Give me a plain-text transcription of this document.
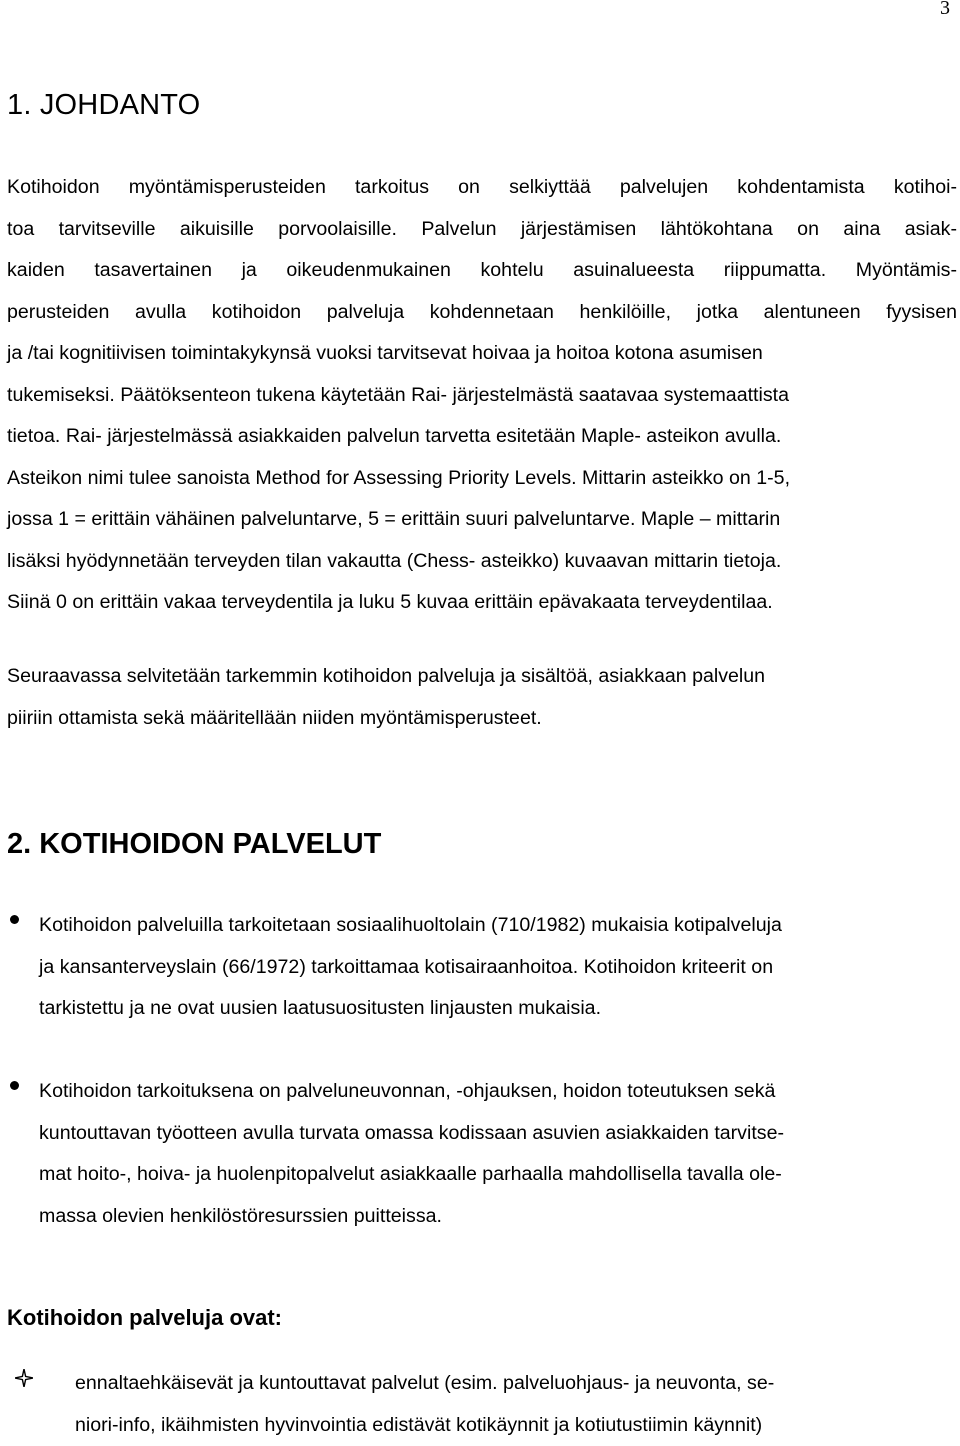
3
1. JOHDANTO

Kotihoidon myöntämisperusteiden tarkoitus on selkiyttää palvelujen kohdentamista kotihoi-
toa tarvitseville aikuisille porvoolaisille. Palvelun järjestämisen lähtökohtana on aina asiak-
kaiden tasavertainen ja oikeudenmukainen kohtelu asuinalueesta riippumatta. Myöntämis-
perusteiden avulla kotihoidon palveluja kohdennetaan henkilöille, jotka alentuneen fyysisen
ja /tai kognitiivisen toimintakykynsä vuoksi tarvitsevat hoivaa ja hoitoa kotona asumisen
tukemiseksi. Päätöksenteon tukena käytetään Rai- järjestelmästä saatavaa systemaattista
tietoa. Rai- järjestelmässä asiakkaiden palvelun tarvetta esitetään Maple- asteikon avulla.
Asteikon nimi tulee sanoista Method for Assessing Priority Levels. Mittarin asteikko on 1-5,
jossa 1 = erittäin vähäinen palveluntarve, 5 = erittäin suuri palveluntarve. Maple – mittarin
lisäksi hyödynnetään terveyden tilan vakautta (Chess- asteikko) kuvaavan mittarin tietoja.
Siinä 0 on erittäin vakaa terveydentila ja luku 5 kuvaa erittäin epävakaata terveydentilaa.

Seuraavassa selvitetään tarkemmin kotihoidon palveluja ja sisältöä, asiakkaan palvelun
piiriin ottamista sekä määritellään niiden myöntämisperusteet.

2. KOTIHOIDON PALVELUT
Kotihoidon palveluilla tarkoitetaan sosiaalihuoltolain (710/1982) mukaisia kotipalveluja
ja kansanterveyslain (66/1972) tarkoittamaa kotisairaanhoitoa. Kotihoidon kriteerit on
tarkistettu ja ne ovat uusien laatusuositusten linjausten mukaisia.
Kotihoidon tarkoituksena on palveluneuvonnan, -ohjauksen, hoidon toteutuksen sekä
kuntouttavan työotteen avulla turvata omassa kodissaan asuvien asiakkaiden tarvitse-
mat hoito-, hoiva- ja huolenpitopalvelut asiakkaalle parhaalla mahdollisella tavalla ole-
massa olevien henkilöstöresurssien puitteissa.
Kotihoidon palveluja ovat:
ennaltaehkäisevät ja kuntouttavat palvelut (esim. palveluohjaus- ja neuvonta, se-
niori-info, ikäihmisten hyvinvointia edistävät kotikäynnit ja kotiutustiimin käynnit)
